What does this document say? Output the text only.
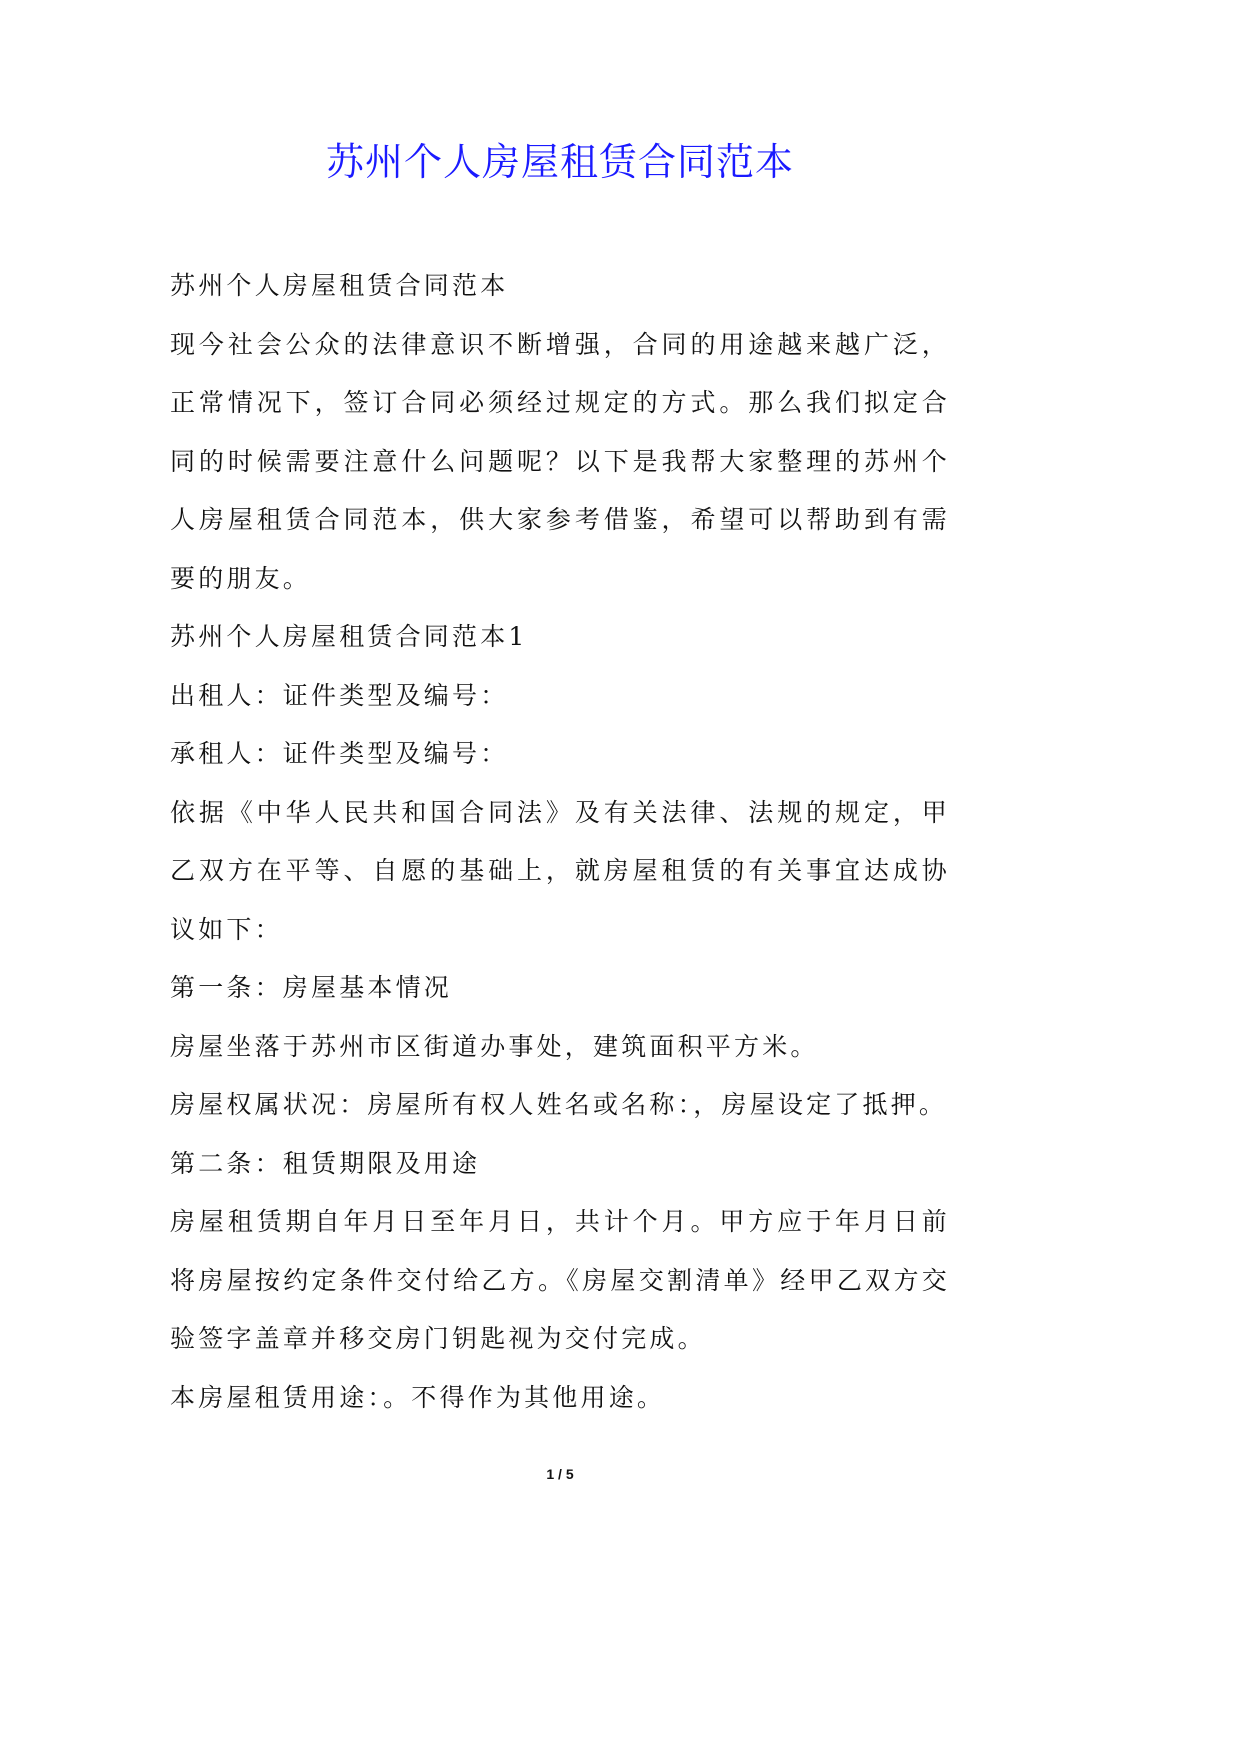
苏州个人房屋租赁合同范本

苏州个人房屋租赁合同范本

现今社会公众的法律意识不断增强，合同的用途越来越广泛，正常情况下，签订合同必须经过规定的方式。那么我们拟定合同的时候需要注意什么问题呢？以下是我帮大家整理的苏州个人房屋租赁合同范本，供大家参考借鉴，希望可以帮助到有需要的朋友。

苏州个人房屋租赁合同范本1

出租人：证件类型及编号：

承租人：证件类型及编号：

依据《中华人民共和国合同法》及有关法律、法规的规定，甲乙双方在平等、自愿的基础上，就房屋租赁的有关事宜达成协议如下：

第一条：房屋基本情况

房屋坐落于苏州市区街道办事处，建筑面积平方米。

房屋权属状况：房屋所有权人姓名或名称：，房屋设定了抵押。

第二条：租赁期限及用途

房屋租赁期自年月日至年月日，共计个月。甲方应于年月日前将房屋按约定条件交付给乙方。《房屋交割清单》经甲乙双方交验签字盖章并移交房门钥匙视为交付完成。

本房屋租赁用途：。不得作为其他用途。

1 / 5
